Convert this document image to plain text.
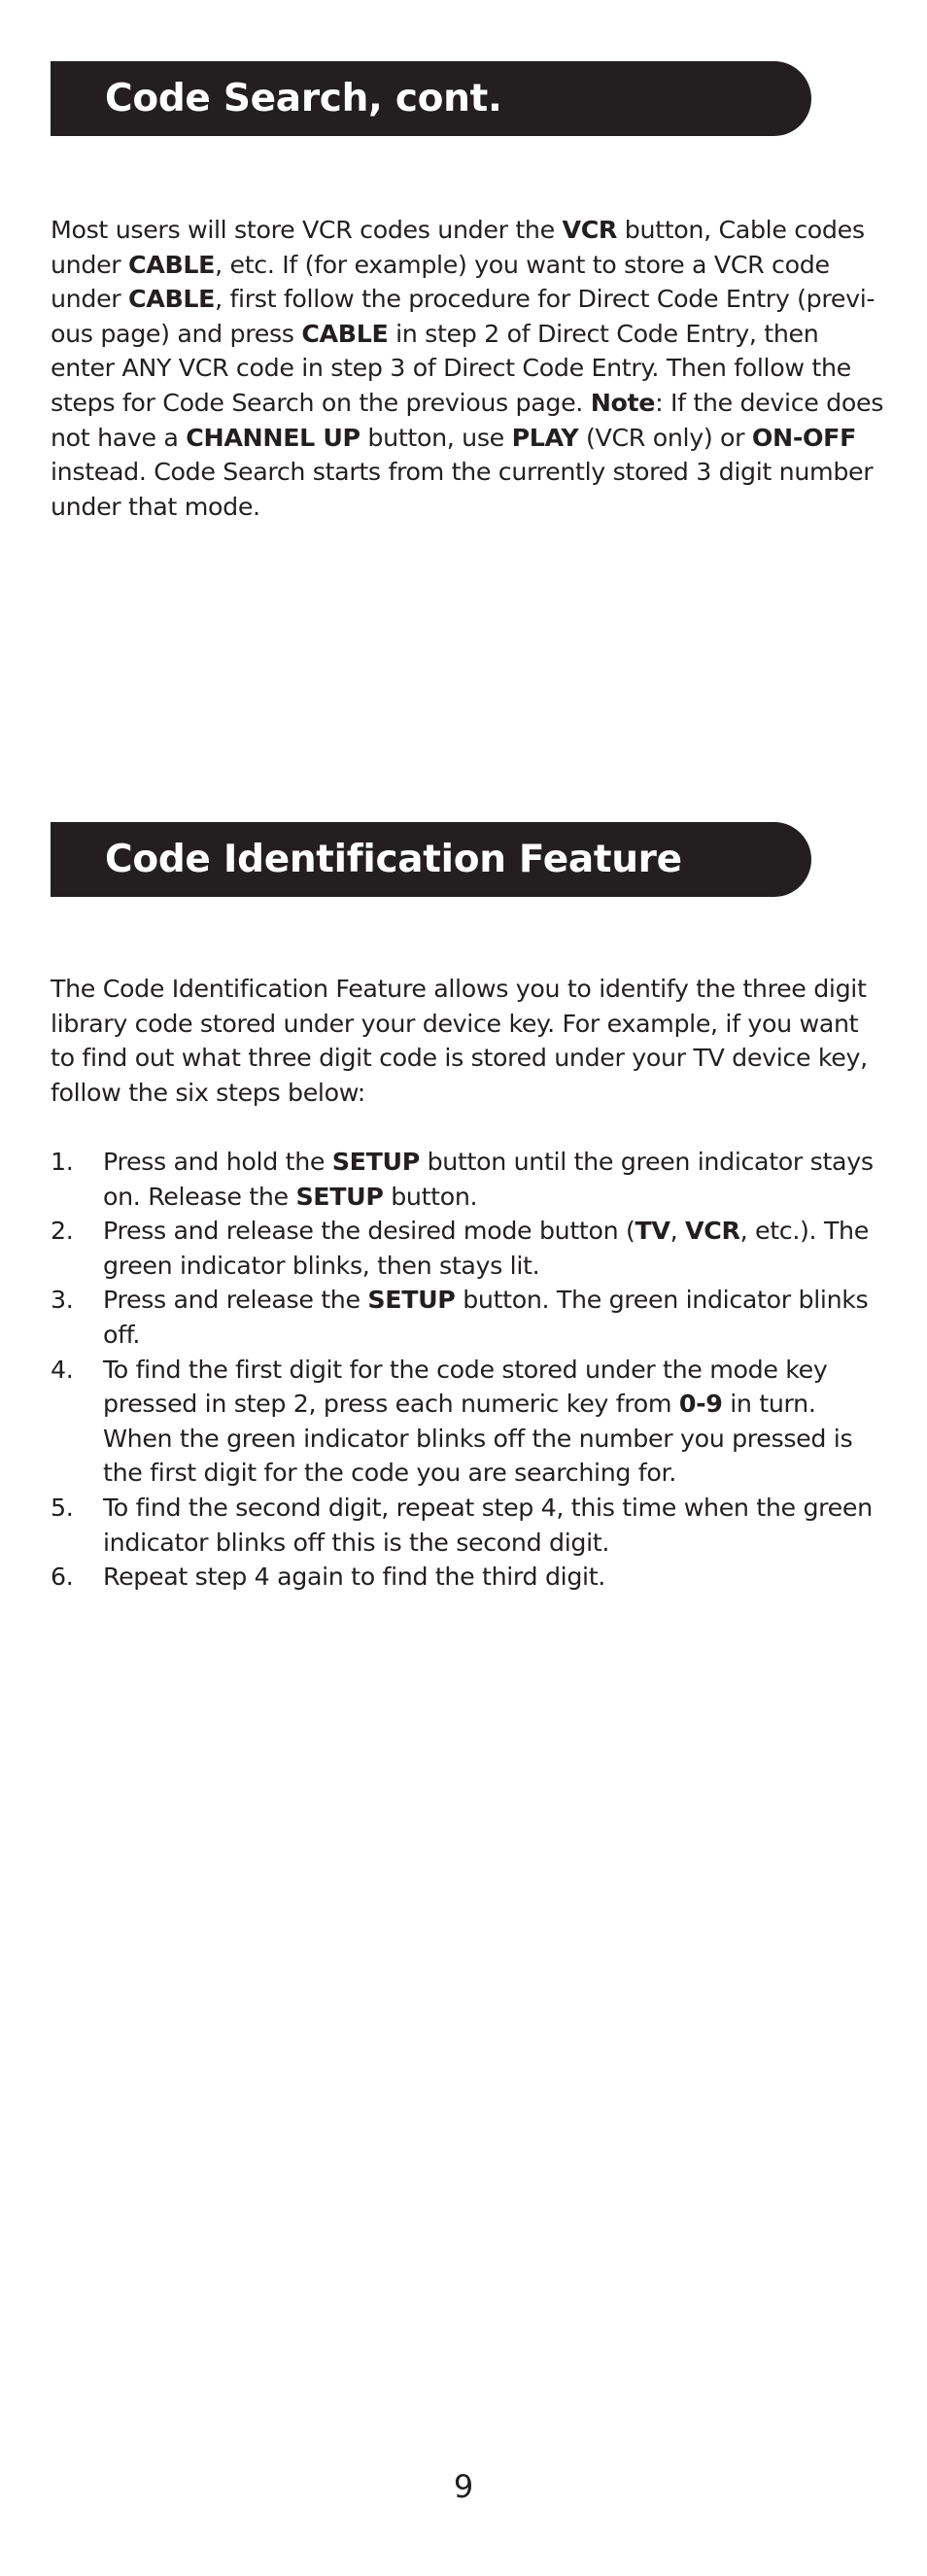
Code Search, cont.

Most users will store VCR codes under the VCR button, Cable codes under CABLE, etc. If (for example) you want to store a VCR code under CABLE, first follow the procedure for Direct Code Entry (previ-ous page) and press CABLE in step 2 of Direct Code Entry, then enter ANY VCR code in step 3 of Direct Code Entry. Then follow the steps for Code Search on the previous page. Note: If the device does not have a CHANNEL UP button, use PLAY (VCR only) or ON-OFF instead. Code Search starts from the currently stored 3 digit number under that mode.

Code Identification Feature

The Code Identification Feature allows you to identify the three digit library code stored under your device key. For example, if you want to find out what three digit code is stored under your TV device key, follow the six steps below:

1. Press and hold the SETUP button until the green indicator stays on. Release the SETUP button.
2. Press and release the desired mode button (TV, VCR, etc.). The green indicator blinks, then stays lit.
3. Press and release the SETUP button. The green indicator blinks off.
4. To find the first digit for the code stored under the mode key pressed in step 2, press each numeric key from 0-9 in turn. When the green indicator blinks off the number you pressed is the first digit for the code you are searching for.
5. To find the second digit, repeat step 4, this time when the green indicator blinks off this is the second digit.
6. Repeat step 4 again to find the third digit.
9
